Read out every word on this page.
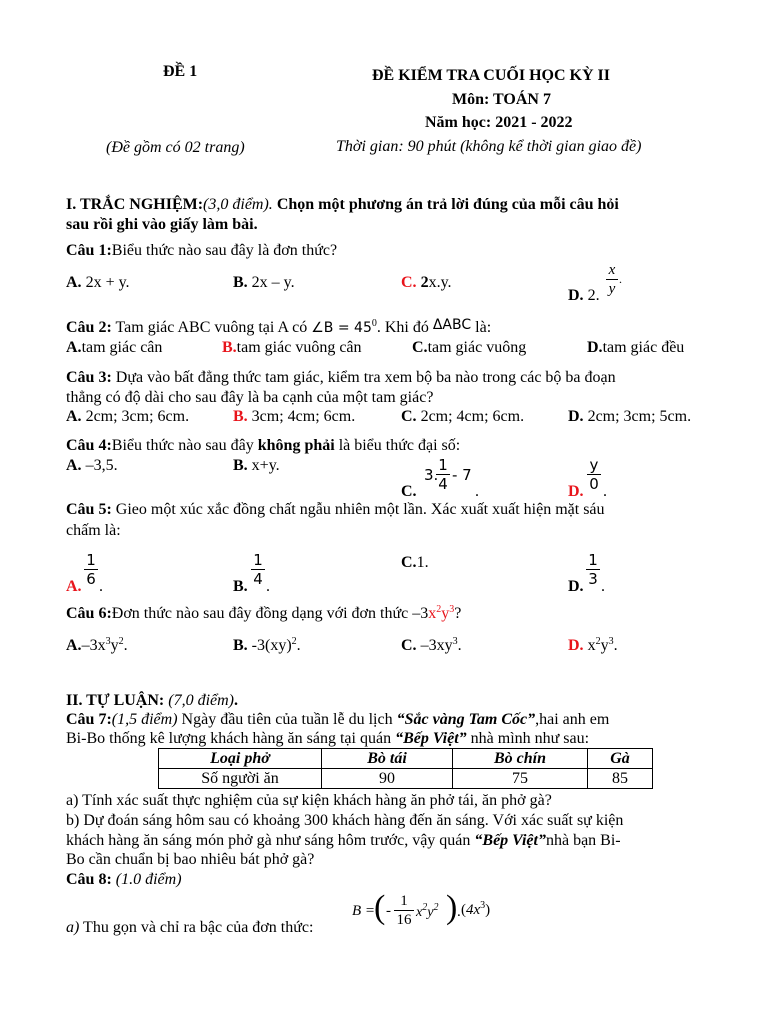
ĐỀ 1	ĐỀ KIỂM TRA CUỐI HỌC KỲ II
Môn: TOÁN 7
Năm học: 2021 - 2022
(Đề gồm có 02 trang)	Thời gian: 90 phút (không kể thời gian giao đề)
I. TRẮC NGHIỆM:(3,0 điểm). Chọn một phương án trả lời đúng của mỗi câu hỏi
sau rồi ghi vào giấy làm bài.
Câu 1:Biểu thức nào sau đây là đơn thức?
A. 2x + y.	B. 2x – y.	C. 2x.y.
D. 2.
x
y
.
Câu 2: Tam giác ABC vuông tại A có ∠B = $45^0$. Khi đó ΔABC là:
A.tam giác cân	B.tam giác vuông cân	C.tam giác vuông	D.tam giác đều
Câu 3: Dựa vào bất đẳng thức tam giác, kiểm tra xem bộ ba nào trong các bộ ba đoạn
thẳng có độ dài cho sau đây là ba cạnh của một tam giác?
A. 2cm; 3cm; 6cm.	B. 3cm; 4cm; 6cm.	C. 2cm; 4cm; 6cm.	D. 2cm; 3cm; 5cm.
Câu 4:Biểu thức nào sau đây không phải là biểu thức đại số:
A. –3,5.	B. x+y.
C.
3.
1
4 - 7
.	D.
y
0 .
Câu 5: Gieo một xúc xắc đồng chất ngẫu nhiên một lần. Xác xuất xuất hiện mặt sáu
chấm là:
A.
1
6 .	B.
1
4 .
C.1.
D.
1
3 .
Câu 6:Đơn thức nào sau đây đồng dạng với đơn thức $-3x^2y^3$?
$A.-3x^3y^2$.	B. -3(xy)$^2$.	C. $-3xy^3$.	D. $x^2y^3$.
II. TỰ LUẬN: (7,0 điểm).
Câu 7:(1,5 điểm) Ngày đầu tiên của tuần lễ du lịch “Sắc vàng Tam Cốc”,hai anh em
Bi-Bo thống kê lượng khách hàng ăn sáng tại quán “Bếp Việt” nhà mình như sau:
Loại phở	Bò tái	Bò chín	Gà
Số người ăn	90	75	85
a) Tính xác suất thực nghiệm của sự kiện khách hàng ăn phở tái, ăn phở gà?
b) Dự đoán sáng hôm sau có khoảng 300 khách hàng đến ăn sáng. Với xác suất sự kiện
khách hàng ăn sáng món phở gà như sáng hôm trước, vậy quán “Bếp Việt”nhà bạn Bi-
Bo cần chuẩn bị bao nhiêu bát phở gà?
Câu 8: (1.0 điểm)
a) Thu gọn và chỉ ra bậc của đơn thức:
B =
( -
1
16 $x^2y^2$ ) . $(4x^3)$
